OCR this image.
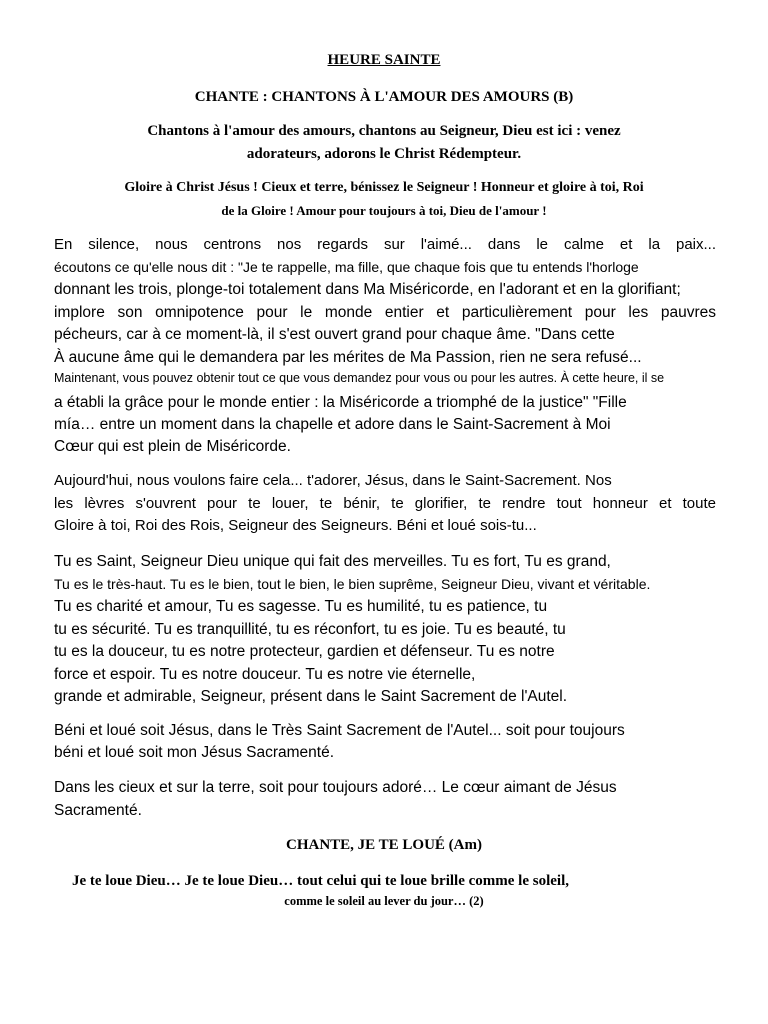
HEURE SAINTE
CHANTE : CHANTONS À L'AMOUR DES AMOURS (B)
Chantons à l'amour des amours, chantons au Seigneur, Dieu est ici : venez
adorateurs, adorons le Christ Rédempteur.
Gloire à Christ Jésus ! Cieux et terre, bénissez le Seigneur ! Honneur et gloire à toi, Roi
de la Gloire ! Amour pour toujours à toi, Dieu de l'amour !
En silence, nous centrons nos regards sur l'aimé... dans le calme et la paix...
écoutons ce qu'elle nous dit : "Je te rappelle, ma fille, que chaque fois que tu entends l'horloge
donnant les trois, plonge-toi totalement dans Ma Miséricorde, en l'adorant et en la glorifiant;
implore son omnipotence pour le monde entier et particulièrement pour les pauvres
pécheurs, car à ce moment-là, il s'est ouvert grand pour chaque âme. "Dans cette
À aucune âme qui le demandera par les mérites de Ma Passion, rien ne sera refusé...
Maintenant, vous pouvez obtenir tout ce que vous demandez pour vous ou pour les autres. À cette heure, il se
a établi la grâce pour le monde entier : la Miséricorde a triomphé de la justice" "Fille
mía… entre un moment dans la chapelle et adore dans le Saint-Sacrement à Moi
Cœur qui est plein de Miséricorde.
Aujourd'hui, nous voulons faire cela... t'adorer, Jésus, dans le Saint-Sacrement. Nos
les lèvres s'ouvrent pour te louer, te bénir, te glorifier, te rendre tout honneur et toute
Gloire à toi, Roi des Rois, Seigneur des Seigneurs. Béni et loué sois-tu...
Tu es Saint, Seigneur Dieu unique qui fait des merveilles. Tu es fort, Tu es grand,
Tu es le très-haut. Tu es le bien, tout le bien, le bien suprême, Seigneur Dieu, vivant et véritable.
Tu es charité et amour, Tu es sagesse. Tu es humilité, tu es patience, tu
tu es sécurité. Tu es tranquillité, tu es réconfort, tu es joie. Tu es beauté, tu
tu es la douceur, tu es notre protecteur, gardien et défenseur. Tu es notre
force et espoir. Tu es notre douceur. Tu es notre vie éternelle,
grande et admirable, Seigneur, présent dans le Saint Sacrement de l'Autel.
Béni et loué soit Jésus, dans le Très Saint Sacrement de l'Autel... soit pour toujours
béni et loué soit mon Jésus Sacramenté.
Dans les cieux et sur la terre, soit pour toujours adoré… Le cœur aimant de Jésus
Sacramenté.
CHANTE, JE TE LOUÉ (Am)
Je te loue Dieu… Je te loue Dieu… tout celui qui te loue brille comme le soleil,
comme le soleil au lever du jour… (2)
